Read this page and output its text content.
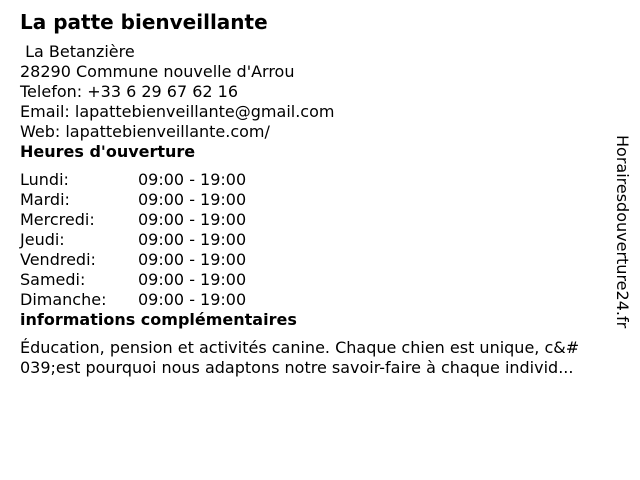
La patte bienveillante
La Betanzière
28290 Commune nouvelle d'Arrou
Telefon: +33 6 29 67 62 16
Email: lapattebienveillante@gmail.com
Web: lapattebienveillante.com/
Heures d'ouverture
Lundi:	09:00 - 19:00
Mardi:	09:00 - 19:00
Mercredi:	09:00 - 19:00
Jeudi:	09:00 - 19:00
Vendredi:	09:00 - 19:00
Samedi:	09:00 - 19:00
Dimanche:	09:00 - 19:00
informations complémentaires
Éducation, pension et activités canine. Chaque chien est unique, c&#
039;est pourquoi nous adaptons notre savoir-faire à chaque individ...
Horairesdouverture24.fr
